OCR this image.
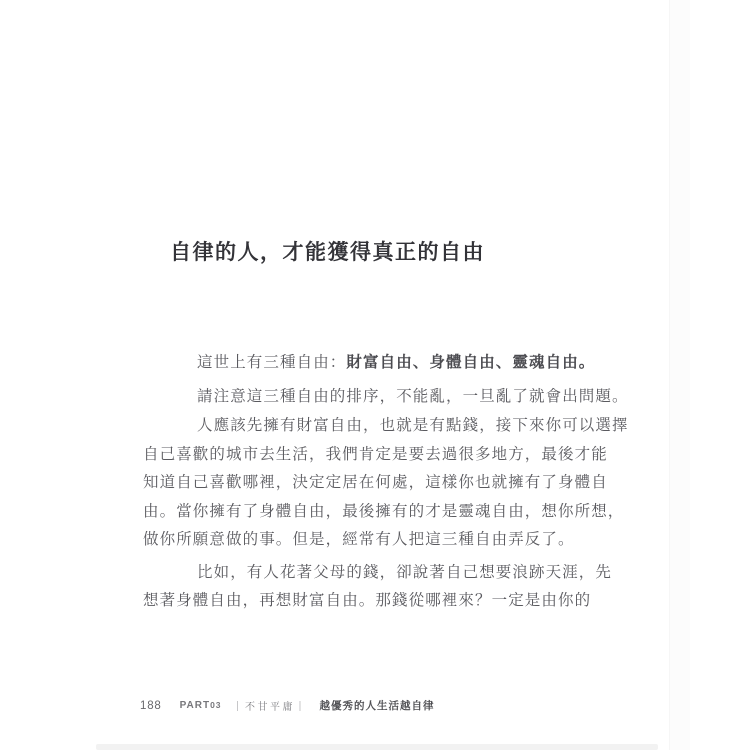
自律的人，才能獲得真正的自由

這世上有三種自由：財富自由、身體自由、靈魂自由。

請注意這三種自由的排序，不能亂，一旦亂了就會出問題。

人應該先擁有財富自由，也就是有點錢，接下來你可以選擇

自己喜歡的城市去生活，我們肯定是要去過很多地方，最後才能

知道自己喜歡哪裡，決定定居在何處，這樣你也就擁有了身體自

由。當你擁有了身體自由，最後擁有的才是靈魂自由，想你所想，

做你所願意做的事。但是，經常有人把這三種自由弄反了。

比如，有人花著父母的錢，卻說著自己想要浪跡天涯，先

想著身體自由，再想財富自由。那錢從哪裡來？一定是由你的

188 PART03 ｜不甘平庸｜ 越優秀的人生活越自律
